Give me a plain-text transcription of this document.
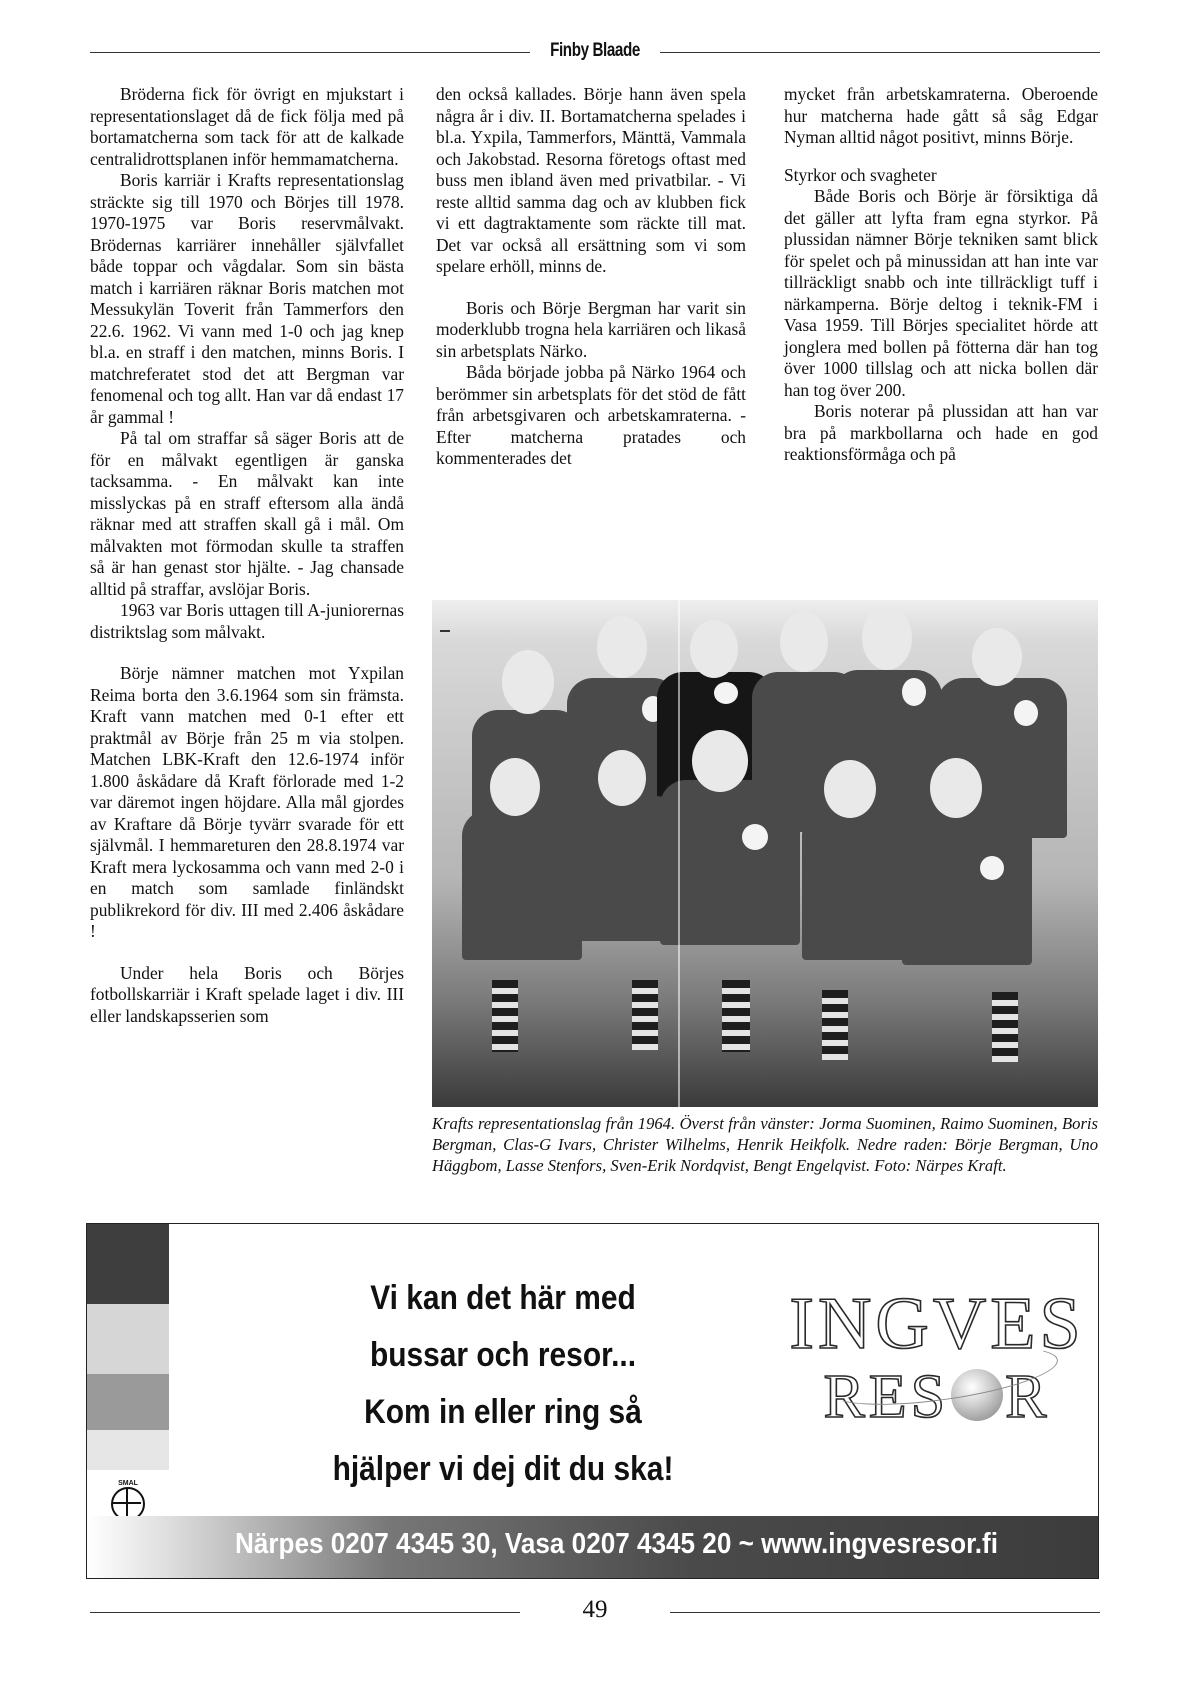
Finby Blaade

Bröderna fick för övrigt en mjukstart i representationslaget då de fick följa med på bortamatcherna som tack för att de kalkade centralidrottsplanen inför hemmamatcherna.

Boris karriär i Krafts representationslag sträckte sig till 1970 och Börjes till 1978. 1970-1975 var Boris reservmålvakt. Brödernas karriärer innehåller självfallet både toppar och vågdalar. Som sin bästa match i karriären räknar Boris matchen mot Messukylän Toverit från Tammerfors den 22.6. 1962. Vi vann med 1-0 och jag knep bl.a. en straff i den matchen, minns Boris. I matchreferatet stod det att Bergman var fenomenal och tog allt. Han var då endast 17 år gammal !

På tal om straffar så säger Boris att de för en målvakt egentligen är ganska tacksamma. - En målvakt kan inte misslyckas på en straff eftersom alla ändå räknar med att straffen skall gå i mål. Om målvakten mot förmodan skulle ta straffen så är han genast stor hjälte. - Jag chansade alltid på straffar, avslöjar Boris.

1963 var Boris uttagen till A-juniorernas distriktslag som målvakt.

Börje nämner matchen mot Yxpilan Reima borta den 3.6.1964 som sin främsta. Kraft vann matchen med 0-1 efter ett praktmål av Börje från 25 m via stolpen. Matchen LBK-Kraft den 12.6-1974 inför 1.800 åskådare då Kraft förlorade med 1-2 var däremot ingen höjdare. Alla mål gjordes av Kraftare då Börje tyvärr svarade för ett självmål. I hemmareturen den 28.8.1974 var Kraft mera lyckosamma och vann med 2-0 i en match som samlade finländskt publikrekord för div. III med 2.406 åskådare !

Under hela Boris och Börjes fotbollskarriär i Kraft spelade laget i div. III eller landskapsserien som

den också kallades. Börje hann även spela några år i div. II. Bortamatcherna spelades i bl.a. Yxpila, Tammerfors, Mänttä, Vammala och Jakobstad. Resorna företogs oftast med buss men ibland även med privatbilar. - Vi reste alltid samma dag och av klubben fick vi ett dagtraktamente som räckte till mat. Det var också all ersättning som vi som spelare erhöll, minns de.

Boris och Börje Bergman har varit sin moderklubb trogna hela karriären och likaså sin arbetsplats Närko.

Båda började jobba på Närko 1964 och berömmer sin arbetsplats för det stöd de fått från arbetsgivaren och arbetskamraterna. - Efter matcherna pratades och kommenterades det

mycket från arbetskamraterna. Oberoende hur matcherna hade gått så såg Edgar Nyman alltid något positivt, minns Börje.

Styrkor och svagheter

Både Boris och Börje är försiktiga då det gäller att lyfta fram egna styrkor. På plussidan nämner Börje tekniken samt blick för spelet och på minussidan att han inte var tillräckligt snabb och inte tillräckligt tuff i närkamperna. Börje deltog i teknik-FM i Vasa 1959. Till Börjes specialitet hörde att jonglera med bollen på fötterna där han tog över 1000 tillslag och att nicka bollen där han tog över 200.

Boris noterar på plussidan att han var bra på markbollarna och hade en god reaktionsförmåga och på

Krafts representationslag från 1964. Överst från vänster: Jorma Suominen, Raimo Suominen, Boris Bergman, Clas-G Ivars, Christer Wilhelms, Henrik Heikfolk. Nedre raden: Börje Bergman, Uno Häggbom, Lasse Stenfors, Sven-Erik Nordqvist, Bengt Engelqvist. Foto: Närpes Kraft.
Vi kan det här med
bussar och resor...
Kom in eller ring så
hjälper vi dej dit du ska!
INGVES
RES R
SMAL
Närpes 0207 4345 30, Vasa 0207 4345 20 ~ www.ingvesresor.fi
49
